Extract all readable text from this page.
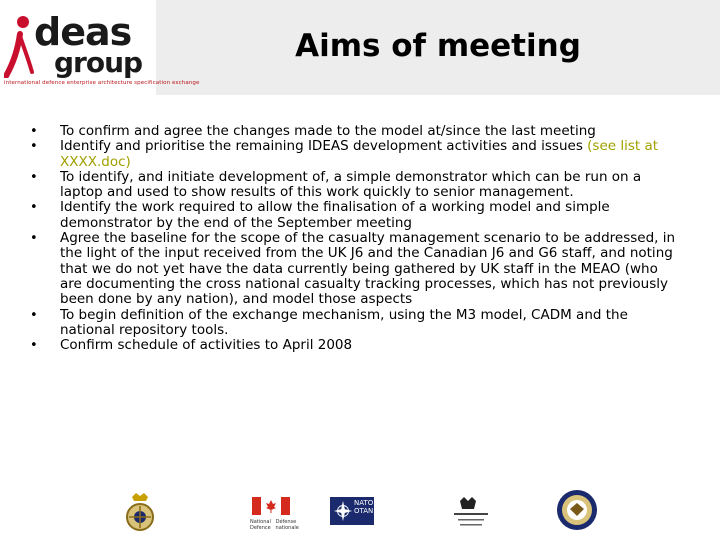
deas
group
international defence enterprise architecture specification exchange
Aims of meeting
• To confirm and agree the changes made to the model at/since the last meeting
• Identify and prioritise the remaining IDEAS development activities and issues (see list at XXXX.doc)
• To identify, and initiate development of, a simple demonstrator which can be run on a laptop and used to show results of this work quickly to senior management.
• Identify the work required to allow the finalisation of a working model and simple demonstrator by the end of the September meeting
• Agree the baseline for the scope of the casualty management scenario to be addressed, in the light of the input received from the UK J6 and the Canadian J6 and G6 staff, and noting that we do not yet have the data currently being gathered by UK staff in the MEAO (who are documenting the cross national casualty tracking processes, which has not previously been done by any nation), and model those aspects
• To begin definition of the exchange mechanism, using the M3 model, CADM and the national repository tools.
• Confirm schedule of activities to April 2008
National   Défense
Defence   nationale
NATO
OTAN
